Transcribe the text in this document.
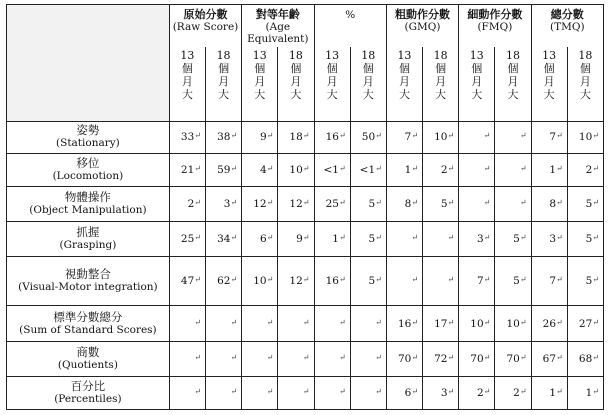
	原始分數
(Raw Score)		對等年齡
(Age Equivalent)		%		粗動作分數
(GMQ)		細動作分數
(FMQ)		總分數
(TMQ)	
	13
個
月
大	18
個
月
大	13
個
月
大	18
個
月
大	13
個
月
大	18
個
月
大	13
個
月
大	18
個
月
大	13
個
月
大	18
個
月
大	13
個
月
大	18
個
月
大

姿勢
(Stationary)	33↵	38↵	9↵	18↵	16↵	50↵	7↵	10↵	↵	↵	7↵	10↵

移位
(Locomotion)	21↵	59↵	4↵	10↵	<1↵	<1↵	1↵	2↵	↵	↵	1↵	2↵

物體操作
(Object Manipulation)	2↵	3↵	12↵	12↵	25↵	5↵	8↵	5↵	↵	↵	8↵	5↵

抓握
(Grasping)	25↵	34↵	6↵	9↵	1↵	5↵	↵	↵	3↵	5↵	3↵	5↵

視動整合
(Visual-Motor integration)	47↵	62↵	10↵	12↵	16↵	5↵	↵	↵	7↵	5↵	7↵	5↵

標準分數總分
(Sum of Standard Scores)	↵	↵	↵	↵	↵	↵	16↵	17↵	10↵	10↵	26↵	27↵

商數
(Quotients)	↵	↵	↵	↵	↵	↵	70↵	72↵	70↵	70↵	67↵	68↵

百分比
(Percentiles)	↵	↵	↵	↵	↵	↵	6↵	3↵	2↵	2↵	1↵	1↵
